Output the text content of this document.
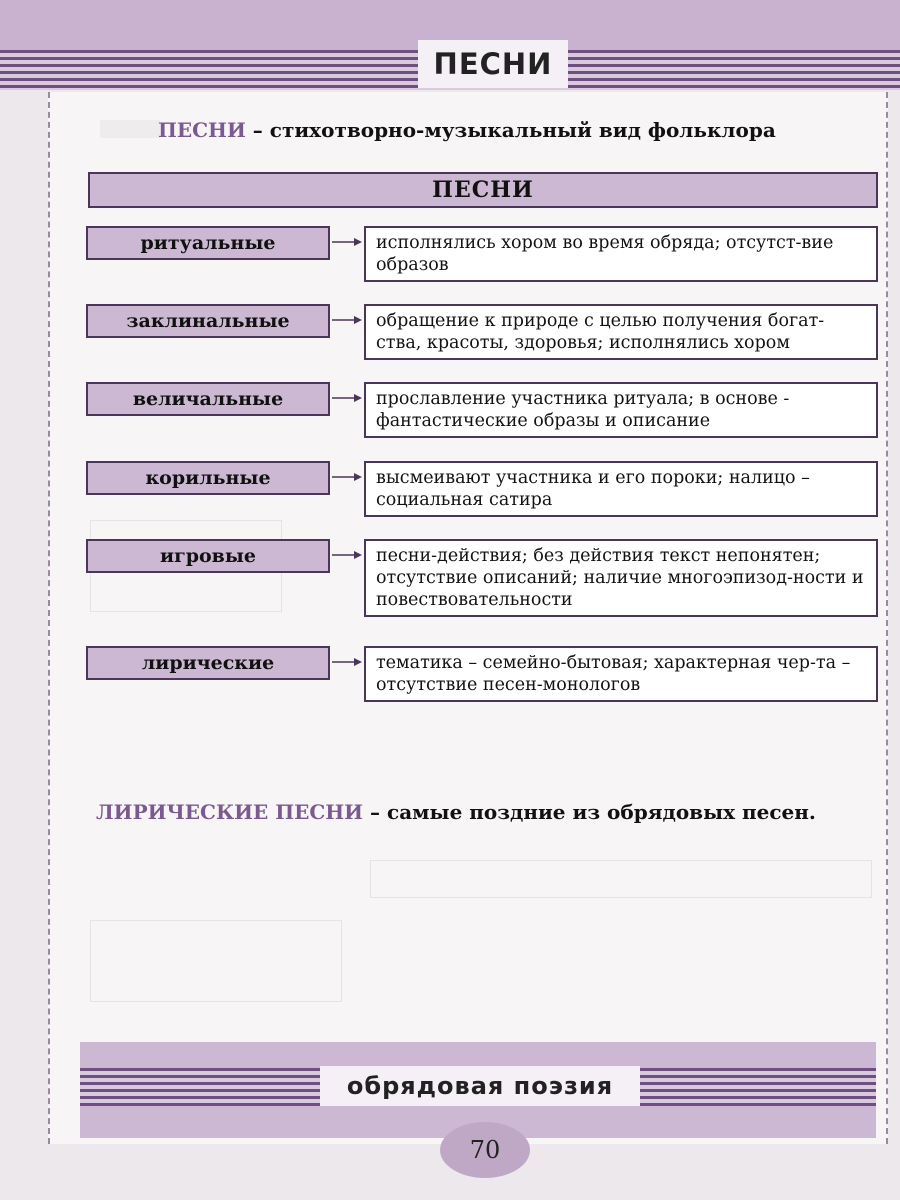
ПЕСНИ
ПЕСНИ – стихотворно-музыкальный вид фольклора
ПЕСНИ
ритуальные	исполнялись хором во время обряда; отсутст-вие образов
заклинальные	обращение к природе с целью получения богат-ства, красоты, здоровья; исполнялись хором
величальные	прославление участника ритуала; в основе - фантастические образы и описание
корильные	высмеивают участника и его пороки; налицо – социальная сатира
игровые	песни-действия; без действия текст непонятен; отсутствие описаний; наличие многоэпизод-ности и повествовательности
лирические	тематика – семейно-бытовая; характерная чер-та – отсутствие песен-монологов
ЛИРИЧЕСКИЕ ПЕСНИ – самые поздние из обрядовых песен.
обрядовая поэзия
70
